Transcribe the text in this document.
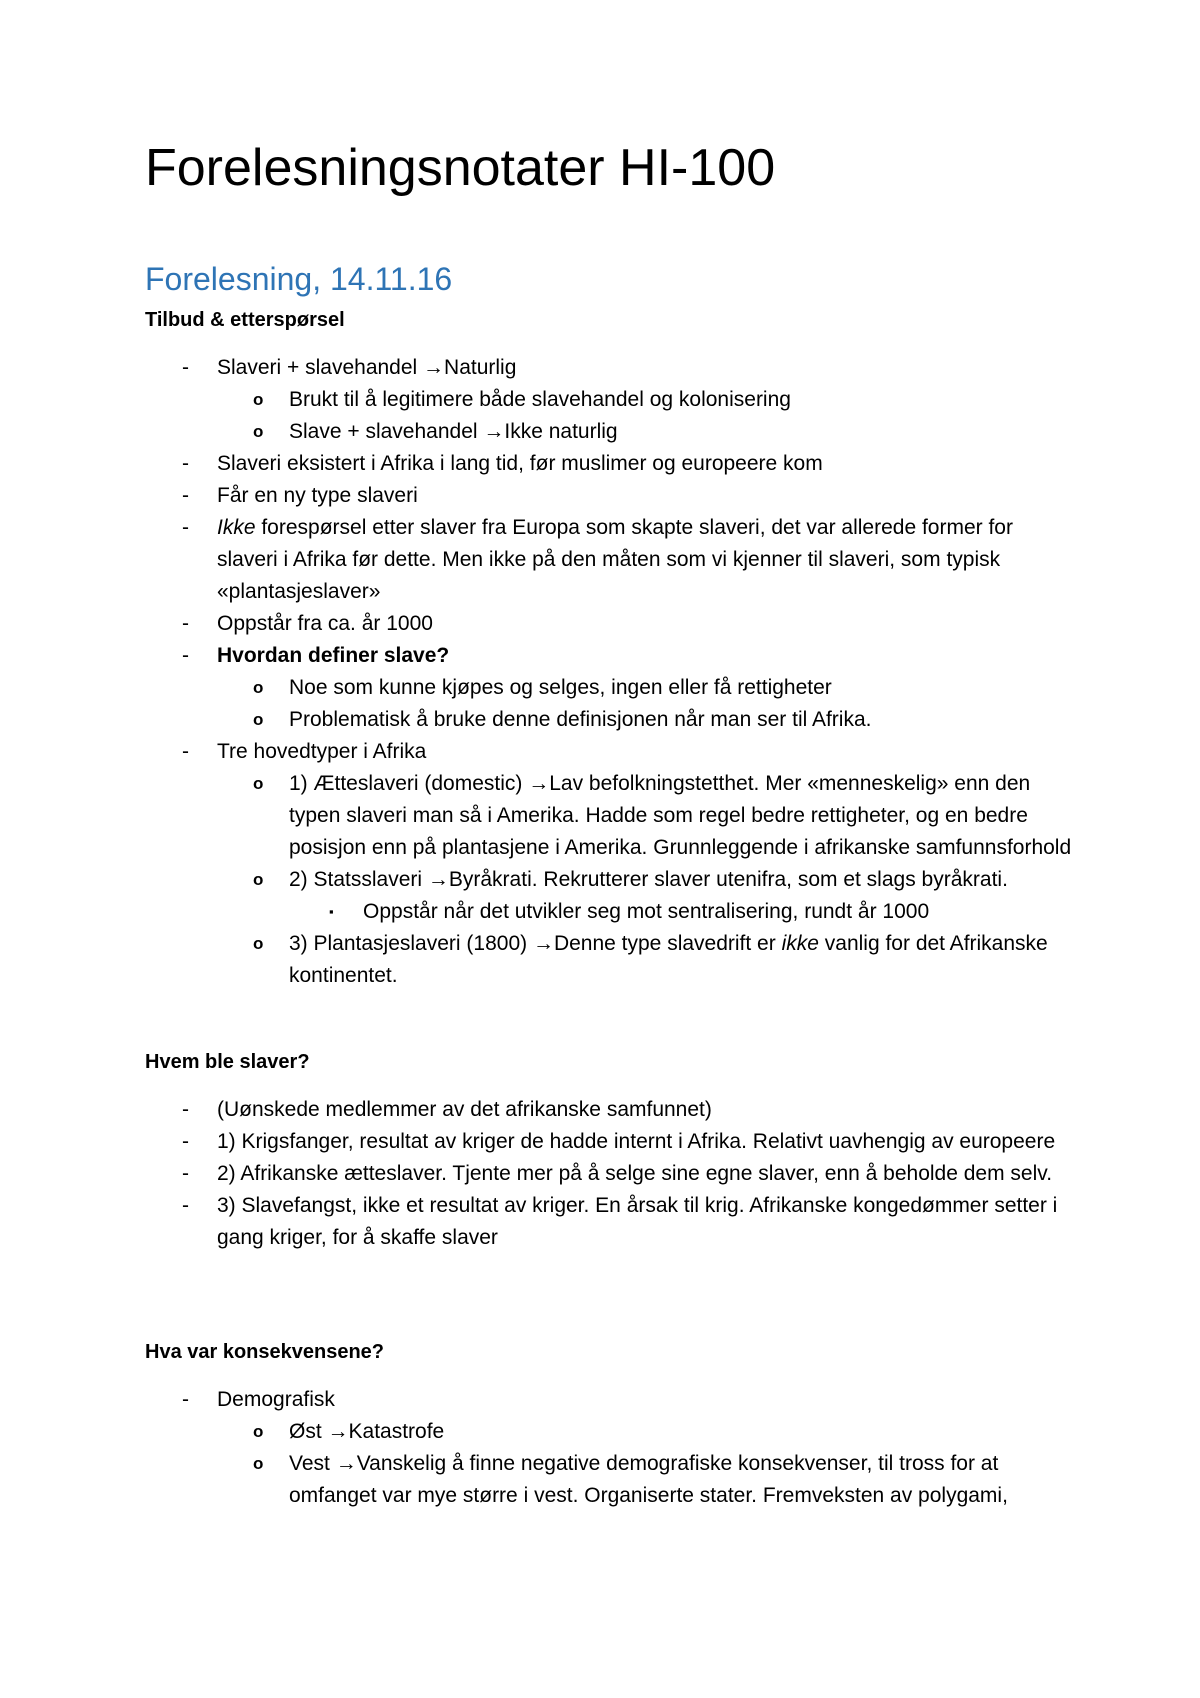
Forelesningsnotater HI-100
Forelesning, 14.11.16
Tilbud & etterspørsel
- Slaveri + slavehandel →Naturlig
o Brukt til å legitimere både slavehandel og kolonisering
o Slave + slavehandel →Ikke naturlig
- Slaveri eksistert i Afrika i lang tid, før muslimer og europeere kom
- Får en ny type slaveri
- Ikke forespørsel etter slaver fra Europa som skapte slaveri, det var allerede former for slaveri i Afrika før dette. Men ikke på den måten som vi kjenner til slaveri, som typisk «plantasjeslaver»
- Oppstår fra ca. år 1000
- Hvordan definer slave?
o Noe som kunne kjøpes og selges, ingen eller få rettigheter
o Problematisk å bruke denne definisjonen når man ser til Afrika.
- Tre hovedtyper i Afrika
o 1) Ætteslaveri (domestic) →Lav befolkningstetthet. Mer «menneskelig» enn den typen slaveri man så i Amerika. Hadde som regel bedre rettigheter, og en bedre posisjon enn på plantasjene i Amerika. Grunnleggende i afrikanske samfunnsforhold
o 2) Statsslaveri →Byråkrati. Rekrutterer slaver utenifra, som et slags byråkrati.
▪ Oppstår når det utvikler seg mot sentralisering, rundt år 1000
o 3) Plantasjeslaveri (1800) →Denne type slavedrift er ikke vanlig for det Afrikanske kontinentet.
Hvem ble slaver?
- (Uønskede medlemmer av det afrikanske samfunnet)
- 1) Krigsfanger, resultat av kriger de hadde internt i Afrika. Relativt uavhengig av europeere
- 2) Afrikanske ætteslaver. Tjente mer på å selge sine egne slaver, enn å beholde dem selv.
- 3) Slavefangst, ikke et resultat av kriger. En årsak til krig. Afrikanske kongedømmer setter i gang kriger, for å skaffe slaver
Hva var konsekvensene?
- Demografisk
o Øst →Katastrofe
o Vest →Vanskelig å finne negative demografiske konsekvenser, til tross for at omfanget var mye større i vest. Organiserte stater. Fremveksten av polygami,
